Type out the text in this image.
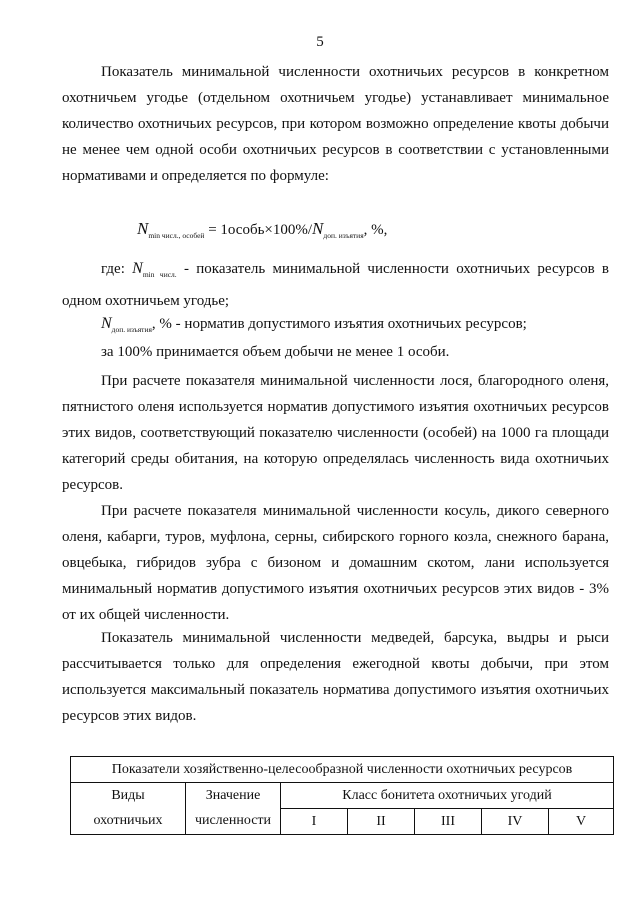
5
Показатель минимальной численности охотничьих ресурсов в конкретном охотничьем угодье (отдельном охотничьем угодье) устанавливает минимальное количество охотничьих ресурсов, при котором возможно определение квоты добычи не менее чем одной особи охотничьих ресурсов в соответствии с установленными нормативами и определяется по формуле:
$N_{min числ., особей}$ = $1особь\times 100\%/N_{доп. изъятия}$, %,
где: $N_{min числ.}$ - показатель минимальной численности охотничьих ресурсов в одном охотничьем угодье;
$N_{доп. изъятия}$, % - норматив допустимого изъятия охотничьих ресурсов;
за 100% принимается объем добычи не менее 1 особи.
При расчете показателя минимальной численности лося, благородного оленя, пятнистого оленя используется норматив допустимого изъятия охотничьих ресурсов этих видов, соответствующий показателю численности (особей) на 1000 га площади категорий среды обитания, на которую определялась численность вида охотничьих ресурсов.
При расчете показателя минимальной численности косуль, дикого северного оленя, кабарги, туров, муфлона, серны, сибирского горного козла, снежного барана, овцебыка, гибридов зубра с бизоном и домашним скотом, лани используется минимальный норматив допустимого изъятия охотничьих ресурсов этих видов - 3% от их общей численности.
Показатель минимальной численности медведей, барсука, выдры и рыси рассчитывается только для определения ежегодной квоты добычи, при этом используется максимальный показатель норматива допустимого изъятия охотничьих ресурсов этих видов.
Показатели хозяйственно-целесообразной численности охотничьих ресурсов						
Виды	Значение	Класс бонитета охотничьих угодий				
охотничьих	численности	I	II	III	IV	V
